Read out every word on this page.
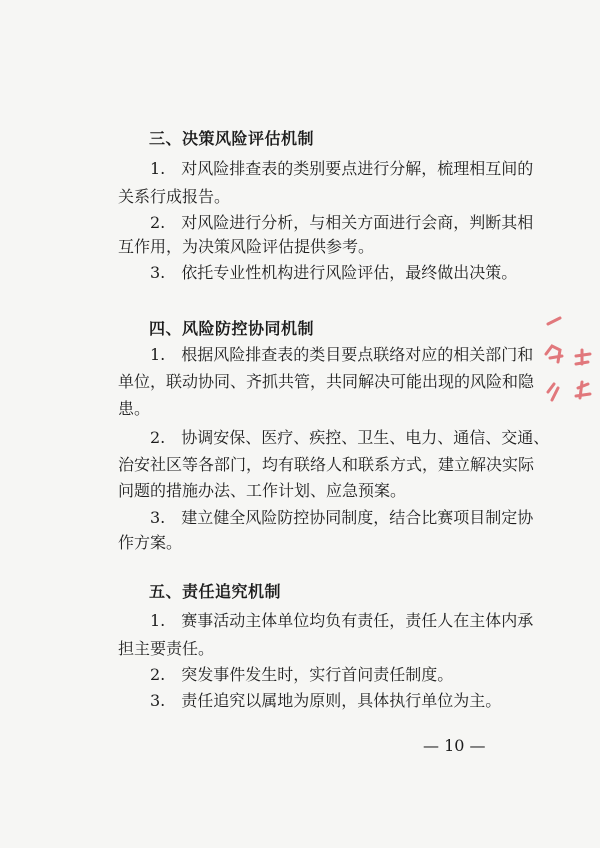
三、决策风险评估机制
1.　对风险排查表的类别要点进行分解，梳理相互间的
关系行成报告。
2.　对风险进行分析，与相关方面进行会商，判断其相
互作用，为决策风险评估提供参考。
3.　依托专业性机构进行风险评估，最终做出决策。
四、风险防控协同机制
1.　根据风险排查表的类目要点联络对应的相关部门和
单位，联动协同、齐抓共管，共同解决可能出现的风险和隐
患。
2.　协调安保、医疗、疾控、卫生、电力、通信、交通、
治安社区等各部门，均有联络人和联系方式，建立解决实际
问题的措施办法、工作计划、应急预案。
3.　建立健全风险防控协同制度，结合比赛项目制定协
作方案。
五、责任追究机制
1.　赛事活动主体单位均负有责任，责任人在主体内承
担主要责任。
2.　突发事件发生时，实行首问责任制度。
3.　责任追究以属地为原则，具体执行单位为主。
— 10 —
